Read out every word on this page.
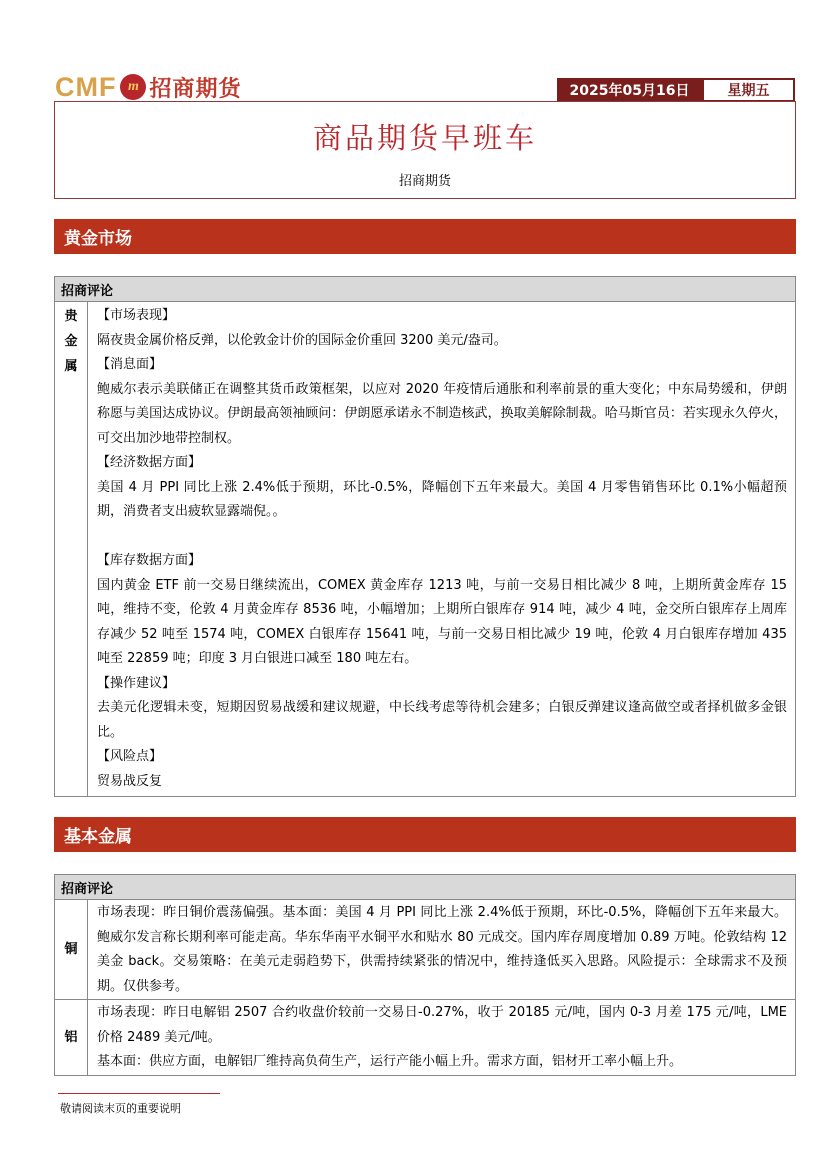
CMF m 招商期货	2025年05月16日	星期五
商品期货早班车
招商期货
黄金市场
招商评论
贵
金
属

【市场表现】

隔夜贵金属价格反弹，以伦敦金计价的国际金价重回 3200 美元/盎司。

【消息面】

鲍威尔表示美联储正在调整其货币政策框架，以应对 2020 年疫情后通胀和利率前景的重大变化；中东局势缓和，伊朗称愿与美国达成协议。伊朗最高领袖顾问：伊朗愿承诺永不制造核武，换取美解除制裁。哈马斯官员：若实现永久停火，可交出加沙地带控制权。

【经济数据方面】

美国 4 月 PPI 同比上涨 2.4%低于预期，环比-0.5%，降幅创下五年来最大。美国 4 月零售销售环比 0.1%小幅超预期，消费者支出疲软显露端倪。。

【库存数据方面】

国内黄金 ETF 前一交易日继续流出，COMEX 黄金库存 1213 吨，与前一交易日相比减少 8 吨，上期所黄金库存 15 吨，维持不变，伦敦 4 月黄金库存 8536 吨，小幅增加；上期所白银库存 914 吨，减少 4 吨，金交所白银库存上周库存减少 52 吨至 1574 吨，COMEX 白银库存 15641 吨，与前一交易日相比减少 19 吨，伦敦 4 月白银库存增加 435 吨至 22859 吨；印度 3 月白银进口减至 180 吨左右。

【操作建议】

去美元化逻辑未变，短期因贸易战缓和建议规避，中长线考虑等待机会建多；白银反弹建议逢高做空或者择机做多金银比。

【风险点】

贸易战反复

基本金属
招商评论
铜

市场表现：昨日铜价震荡偏强。基本面：美国 4 月 PPI 同比上涨 2.4%低于预期，环比-0.5%，降幅创下五年来最大。鲍威尔发言称长期利率可能走高。华东华南平水铜平水和贴水 80 元成交。国内库存周度增加 0.89 万吨。伦敦结构 12 美金 back。交易策略：在美元走弱趋势下，供需持续紧张的情况中，维持逢低买入思路。风险提示：全球需求不及预期。仅供参考。

铝

市场表现：昨日电解铝 2507 合约收盘价较前一交易日-0.27%，收于 20185 元/吨，国内 0-3 月差 175 元/吨，LME 价格 2489 美元/吨。

基本面：供应方面，电解铝厂维持高负荷生产，运行产能小幅上升。需求方面，铝材开工率小幅上升。

敬请阅读末页的重要说明
